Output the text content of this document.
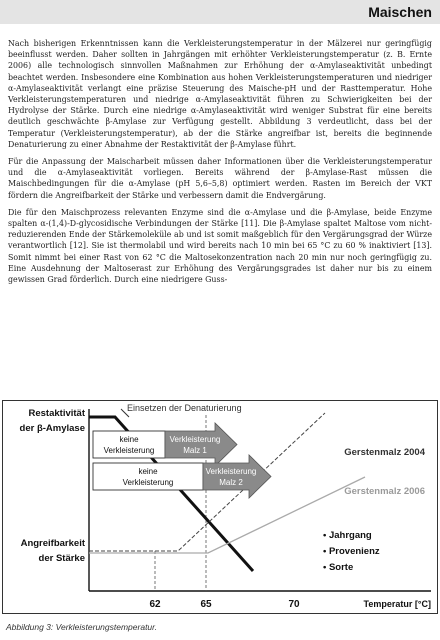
Maischen

Nach bisherigen Erkenntnissen kann die Verkleisterungstemperatur in der Mälzerei nur geringfügig beeinflusst werden. Daher sollten in Jahrgängen mit erhöhter Verkleisterungstemperatur (z. B. Ernte 2006) alle technologisch sinnvollen Maßnahmen zur Erhöhung der α-Amylaseaktivität unbedingt beachtet werden. Insbesondere eine Kombination aus hohen Verkleisterungstemperaturen und niedriger α-Amylaseaktivität verlangt eine präzise Steuerung des Maische-pH und der Rasttemperatur. Hohe Verkleisterungstemperaturen und niedrige α-Amylaseaktivität führen zu Schwierigkeiten bei der Hydrolyse der Stärke. Durch eine niedrige α-Amylaseaktivität wird weniger Substrat für eine bereits deutlich geschwächte β-Amylase zur Verfügung gestellt. Abbildung 3 verdeutlicht, dass bei der Temperatur (Verkleisterungstemperatur), ab der die Stärke angreifbar ist, bereits die beginnende Denaturierung zu einer Abnahme der Restaktivität der β-Amylase führt.

Für die Anpassung der Maischarbeit müssen daher Informationen über die Verkleisterungstemperatur und die α-Amylaseaktivität vorliegen. Bereits während der β-Amylase-Rast müssen die Maischbedingungen für die α-Amylase (pH 5,6–5,8) optimiert werden. Rasten im Bereich der VKT fördern die Angreifbarkeit der Stärke und verbessern damit die Endvergärung.

Die für den Maischprozess relevanten Enzyme sind die α-Amylase und die β-Amylase, beide Enzyme spalten α-(1,4)-D-glycosidische Verbindungen der Stärke [11]. Die β-Amylase spaltet Maltose vom nicht-reduzierenden Ende der Stärkemoleküle ab und ist somit maßgeblich für den Vergärungsgrad der Würze verantwortlich [12]. Sie ist thermolabil und wird bereits nach 10 min bei 65 °C zu 60 % inaktiviert [13]. Somit nimmt bei einer Rast von 62 °C die Maltosekonzentration nach 20 min nur noch geringfügig zu. Eine Ausdehnung der Maltoserast zur Erhöhung des Vergärungsgrades ist daher nur bis zu einem gewissen Grad förderlich. Durch eine niedrigere Guss-

Restaktivität
der β-Amylase
Angreifbarkeit
der Stärke
Einsetzen der Denaturierung
keine
Verkleisterung
Verkleisterung
Malz 1
keine
Verkleisterung
Verkleisterung
Malz 2
Gerstenmalz 2004
Gerstenmalz 2006
• Jahrgang
• Provenienz
• Sorte
62	65	70	Temperatur [°C]
Abbildung 3: Verkleisterungstemperatur.
